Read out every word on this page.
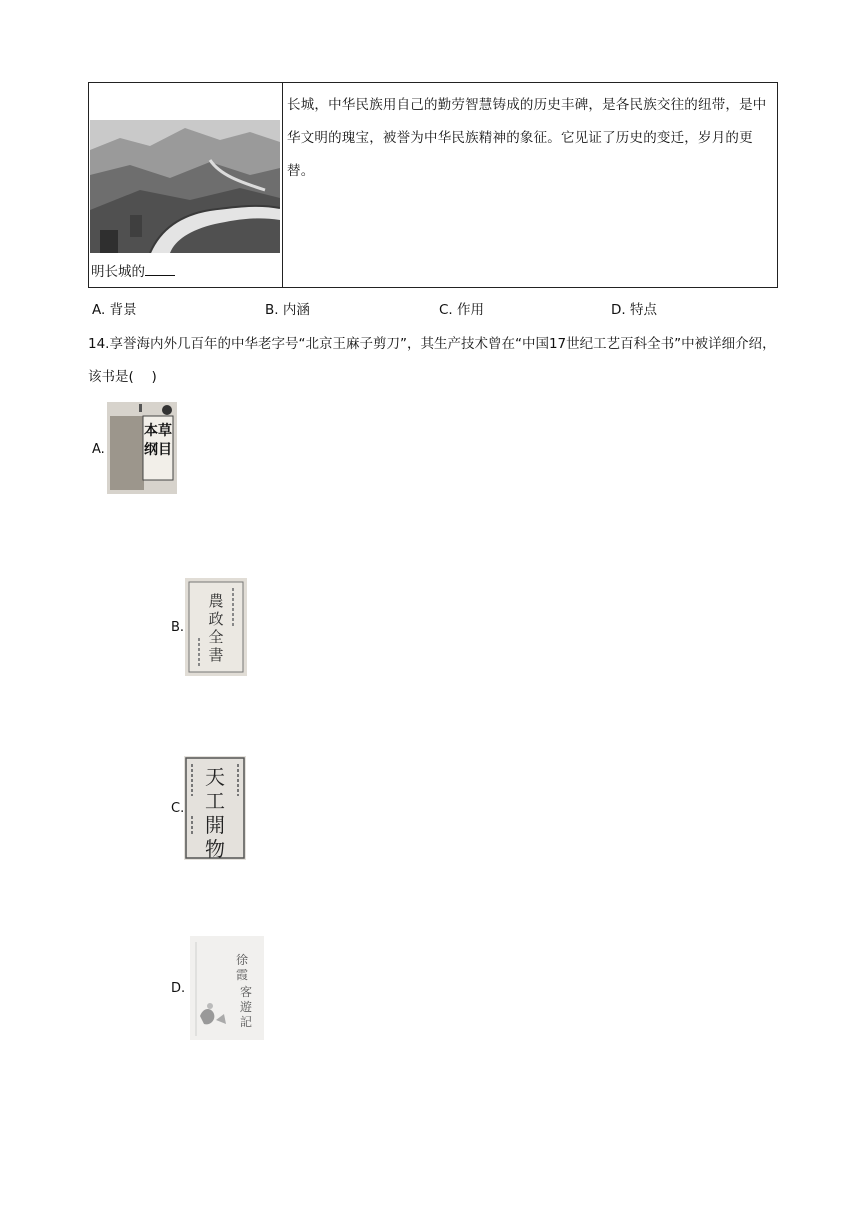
明长城的
长城，中华民族用自己的勤劳智慧铸成的历史丰碑，是各民族交往的纽带，是中华文明的瑰宝，被誉为中华民族精神的象征。它见证了历史的变迁，岁月的更替。
A. 背景	B. 内涵	C. 作用	D. 特点
14.享誉海内外几百年的中华老字号“北京王麻子剪刀”，其生产技术曾在“中国17世纪工艺百科全书”中被详细介绍，该书是(　 )
A.
本草
纲目
B.
農
政
全
書
C.
天
工
開
物
D.
徐
霞
客
遊
記
